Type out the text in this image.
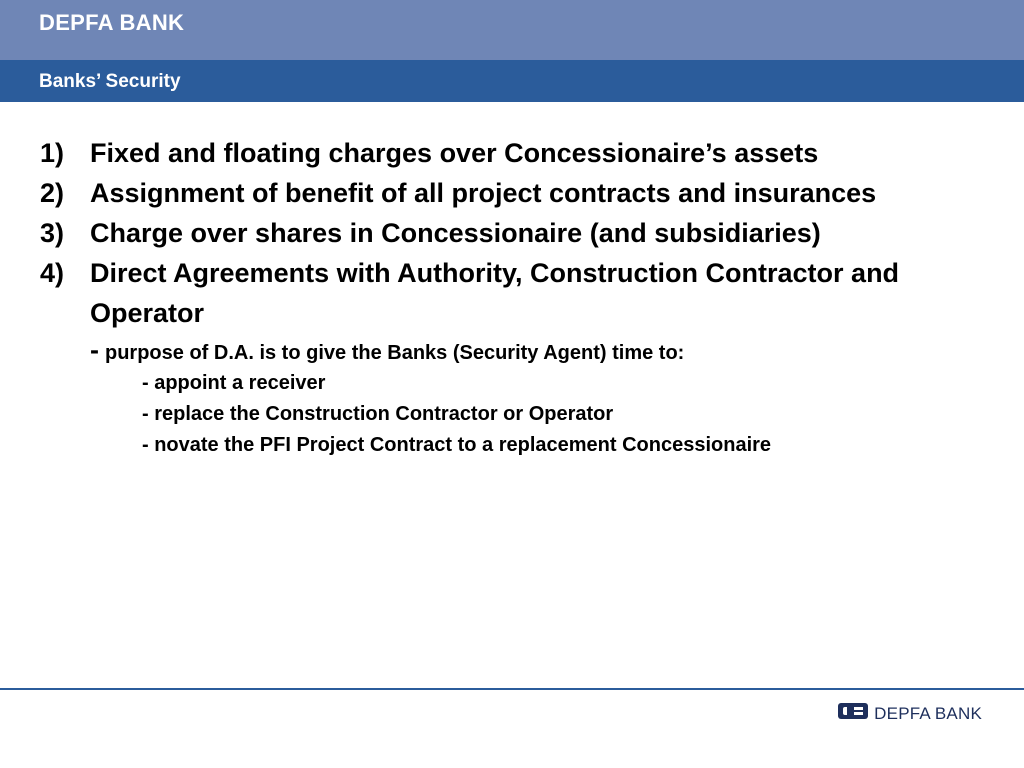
DEPFA BANK
Banks’ Security
1) Fixed and floating charges over Concessionaire’s assets
2) Assignment of benefit of all project contracts and insurances
3) Charge over shares in Concessionaire (and subsidiaries)
4) Direct Agreements with Authority, Construction Contractor and Operator
- purpose of D.A. is to give the Banks (Security Agent) time to:
- appoint a receiver
- replace the Construction Contractor or Operator
- novate the PFI Project Contract to a replacement Concessionaire
DEPFA BANK
